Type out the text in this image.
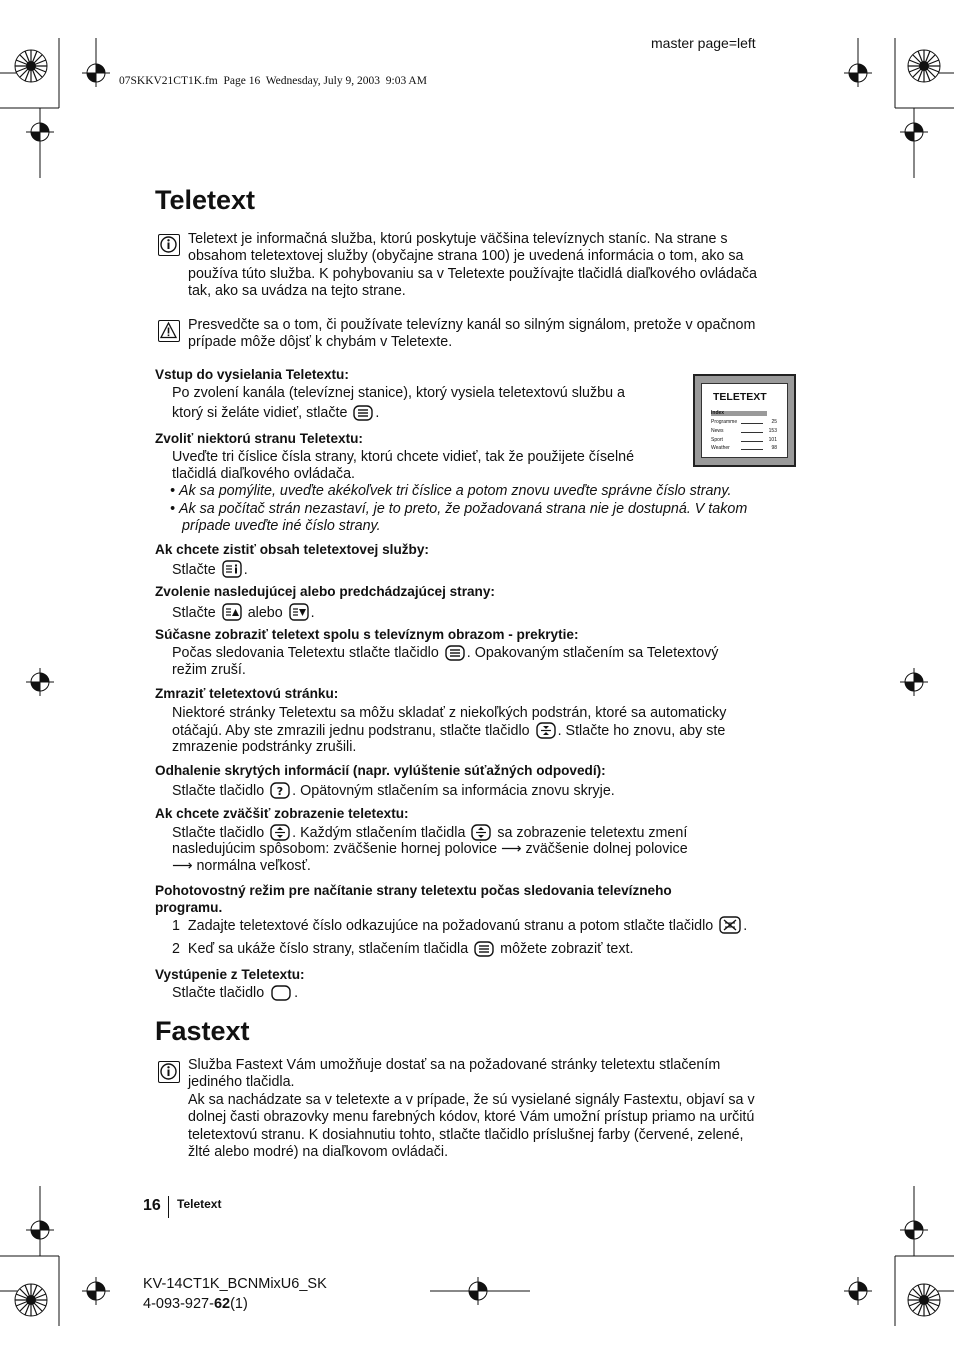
master page=left
07SKKV21CT1K.fm  Page 16  Wednesday, July 9, 2003  9:03 AM
Teletext
Teletext je informačná služba, ktorú poskytuje väčšina televíznych staníc. Na strane s
obsahom teletextovej služby (obyčajne strana 100) je uvedená informácia o tom, ako sa
používa túto služba. K pohybovaniu sa v Teletexte používajte tlačidlá diaľkového ovládača
tak, ako sa uvádza na tejto strane.
Presvedčte sa o tom, či používate televízny kanál so silným signálom, pretože v opačnom
prípade môže dôjsť k chybám v Teletexte.
TELETEXT
Index
Programme	25
News	153
Sport	101
Weather	98
Vstup do vysielania Teletextu:
Po zvolení kanála (televíznej stanice), ktorý vysiela teletextovú službu a
ktorý si želáte vidieť, stlačte .
Zvoliť niektorú stranu Teletextu:
Uveďte tri číslice čísla strany, ktorú chcete vidieť, tak že použijete číselné
tlačidlá diaľkového ovládača.
• Ak sa pomýlite, uveďte akékoľvek tri číslice a potom znovu uveďte správne číslo strany.
• Ak sa počítač strán nezastaví, je to preto, že požadovaná strana nie je dostupná. V takom
prípade uveďte iné číslo strany.
Ak chcete zistiť obsah teletextovej služby:
Stlačte .
Zvolenie nasledujúcej alebo predchádzajúcej strany:
Stlačte alebo .
Súčasne zobraziť teletext spolu s televíznym obrazom - prekrytie:
Počas sledovania Teletextu stlačte tlačidlo . Opakovaným stlačením sa Teletextový
režim zruší.
Zmraziť teletextovú stránku:
Niektoré stránky Teletextu sa môžu skladať z niekoľkých podstrán, ktoré sa automaticky
otáčajú. Aby ste zmrazili jednu podstranu, stlačte tlačidlo . Stlačte ho znovu, aby ste
zmrazenie podstránky zrušili.
Odhalenie skrytých informácií (napr. vylúštenie súťažných odpovedí):
Stlačte tlačidlo ? . Opätovným stlačením sa informácia znovu skryje.
Ak chcete zväčšiť zobrazenie teletextu:
Stlačte tlačidlo . Každým stlačením tlačidla sa zobrazenie teletextu zmení
nasledujúcim spôsobom: zväčšenie hornej polovice ⟶ zväčšenie dolnej polovice
⟶ normálna veľkosť.
Pohotovostný režim pre načítanie strany teletextu počas sledovania televízneho
programu.
1 Zadajte teletextové číslo odkazujúce na požadovanú stranu a potom stlačte tlačidlo .
2 Keď sa ukáže číslo strany, stlačením tlačidla môžete zobraziť text.
Vystúpenie z Teletextu:
Stlačte tlačidlo .
Fastext
Služba Fastext Vám umožňuje dostať sa na požadované stránky teletextu stlačením
jediného tlačidla.
Ak sa nachádzate sa v teletexte a v prípade, že sú vysielané signály Fastextu, objaví sa v
dolnej časti obrazovky menu farebných kódov, ktoré Vám umožní prístup priamo na určitú
teletextovú stranu. K dosiahnutiu tohto, stlačte tlačidlo príslušnej farby (červené, zelené,
žlté alebo modré) na diaľkovom ovládači.
16 Teletext
KV-14CT1K_BCNMixU6_SK
4-093-927-62(1)
